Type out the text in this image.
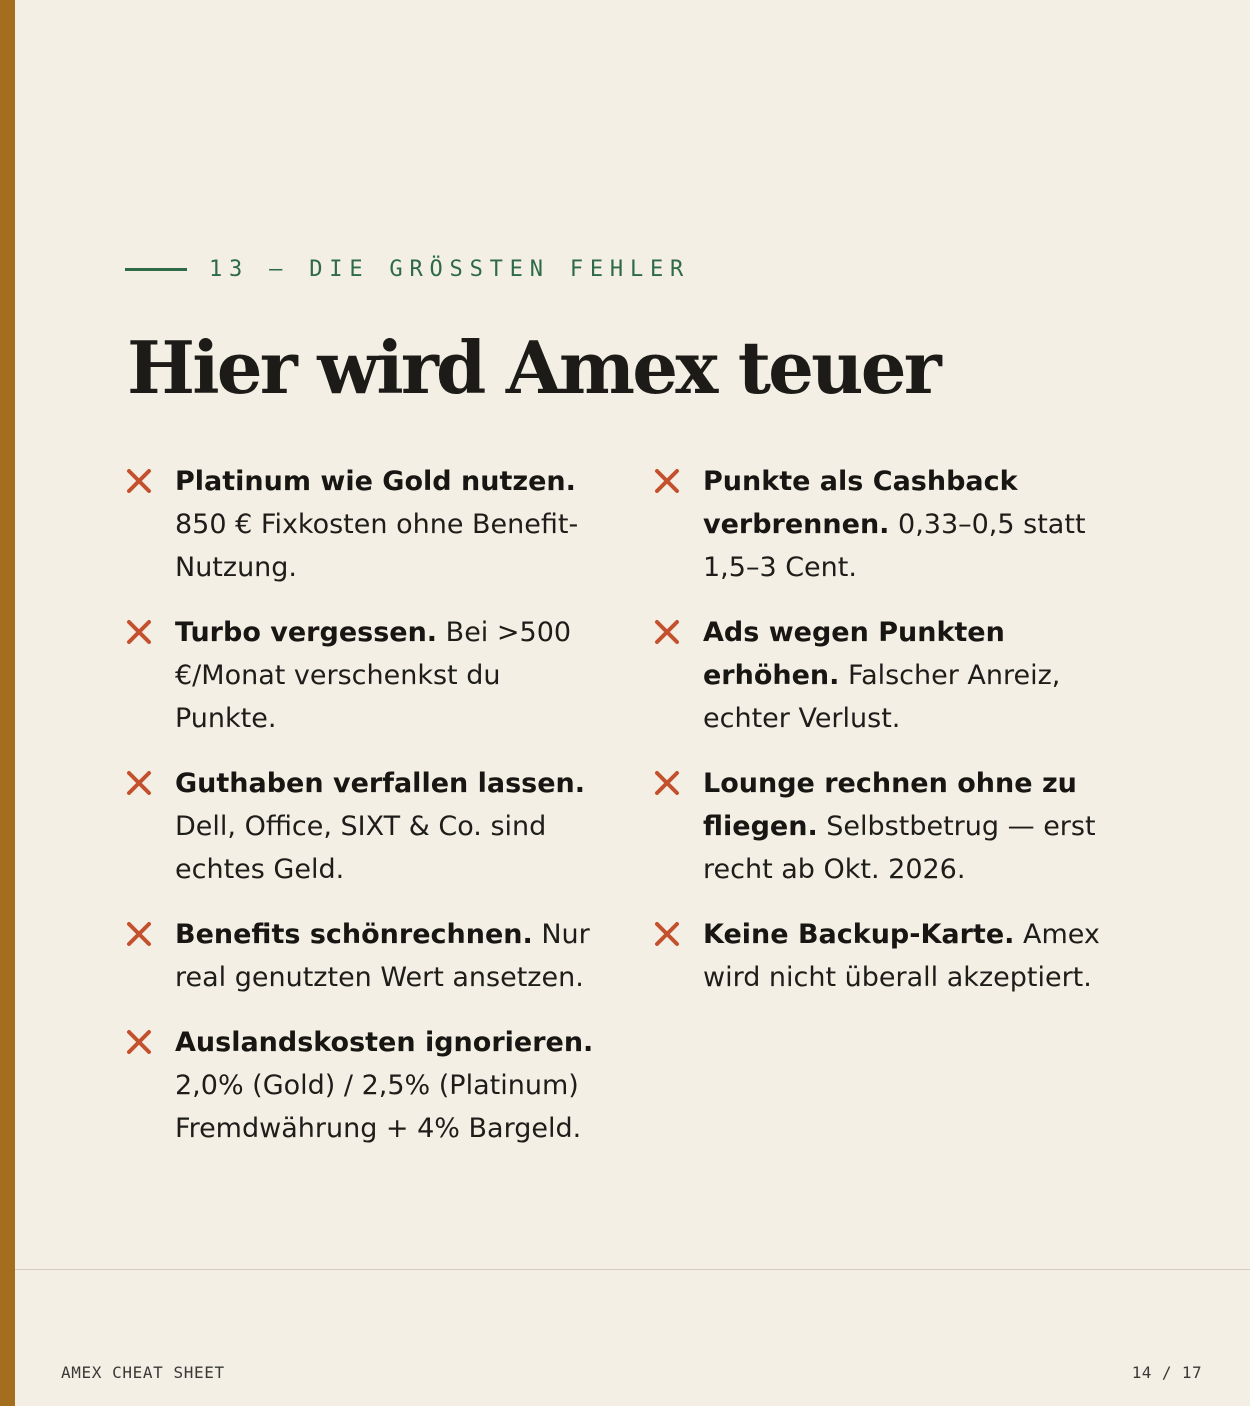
13 — DIE GRÖSSTEN FEHLER
Hier wird Amex teuer
Platinum wie Gold nutzen. 850 € Fixkosten ohne Benefit-Nutzung.
Turbo vergessen. Bei >500 €/Monat verschenkst du Punkte.
Guthaben verfallen lassen. Dell, Office, SIXT & Co. sind echtes Geld.
Benefits schönrechnen. Nur real genutzten Wert ansetzen.
Auslandskosten ignorieren. 2,0% (Gold) / 2,5% (Platinum) Fremdwährung + 4% Bargeld.
Punkte als Cashback verbrennen. 0,33–0,5 statt 1,5–3 Cent.
Ads wegen Punkten erhöhen. Falscher Anreiz, echter Verlust.
Lounge rechnen ohne zu fliegen. Selbstbetrug — erst recht ab Okt. 2026.
Keine Backup-Karte. Amex wird nicht überall akzeptiert.
AMEX CHEAT SHEET	14 / 17
